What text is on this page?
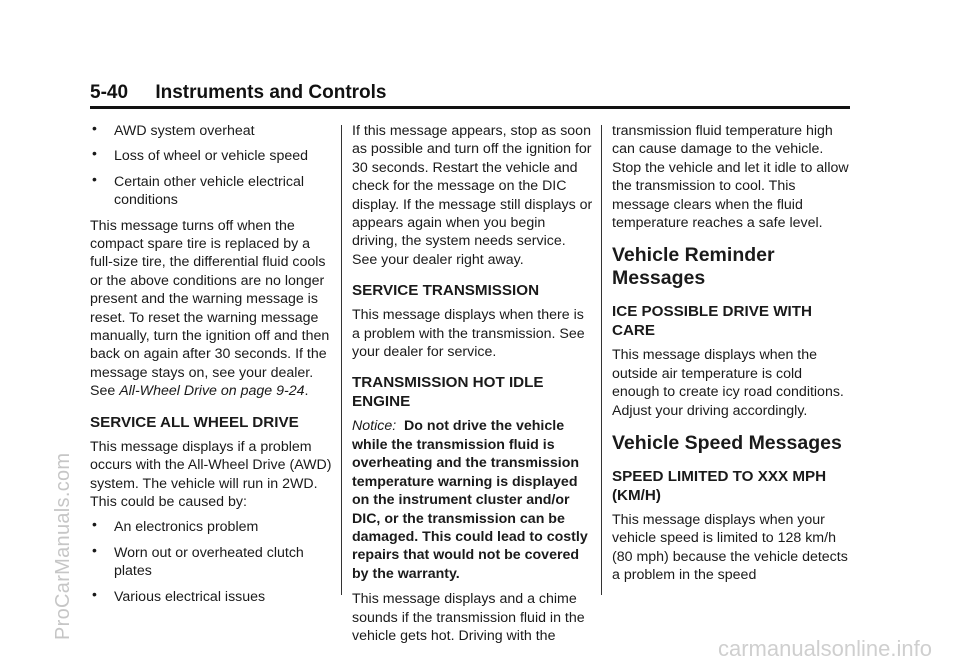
5-40 Instruments and Controls
• AWD system overheat
• Loss of wheel or vehicle speed
• Certain other vehicle electrical conditions

This message turns off when the compact spare tire is replaced by a full-size tire, the differential fluid cools or the above conditions are no longer present and the warning message is reset. To reset the warning message manually, turn the ignition off and then back on again after 30 seconds. If the message stays on, see your dealer. See All-Wheel Drive on page 9-24.

SERVICE ALL WHEEL DRIVE

This message displays if a problem occurs with the All-Wheel Drive (AWD) system. The vehicle will run in 2WD. This could be caused by:

• An electronics problem
• Worn out or overheated clutch plates
• Various electrical issues

If this message appears, stop as soon as possible and turn off the ignition for 30 seconds. Restart the vehicle and check for the message on the DIC display. If the message still displays or appears again when you begin driving, the system needs service. See your dealer right away.

SERVICE TRANSMISSION

This message displays when there is a problem with the transmission. See your dealer for service.

TRANSMISSION HOT IDLE ENGINE

Notice: Do not drive the vehicle while the transmission fluid is overheating and the transmission temperature warning is displayed on the instrument cluster and/or DIC, or the transmission can be damaged. This could lead to costly repairs that would not be covered by the warranty.

This message displays and a chime sounds if the transmission fluid in the vehicle gets hot. Driving with the

transmission fluid temperature high can cause damage to the vehicle. Stop the vehicle and let it idle to allow the transmission to cool. This message clears when the fluid temperature reaches a safe level.

Vehicle Reminder Messages
ICE POSSIBLE DRIVE WITH CARE

This message displays when the outside air temperature is cold enough to create icy road conditions. Adjust your driving accordingly.

Vehicle Speed Messages
SPEED LIMITED TO XXX MPH (KM/H)

This message displays when your vehicle speed is limited to 128 km/h (80 mph) because the vehicle detects a problem in the speed

ProCarManuals.com
carmanualsonline.info
